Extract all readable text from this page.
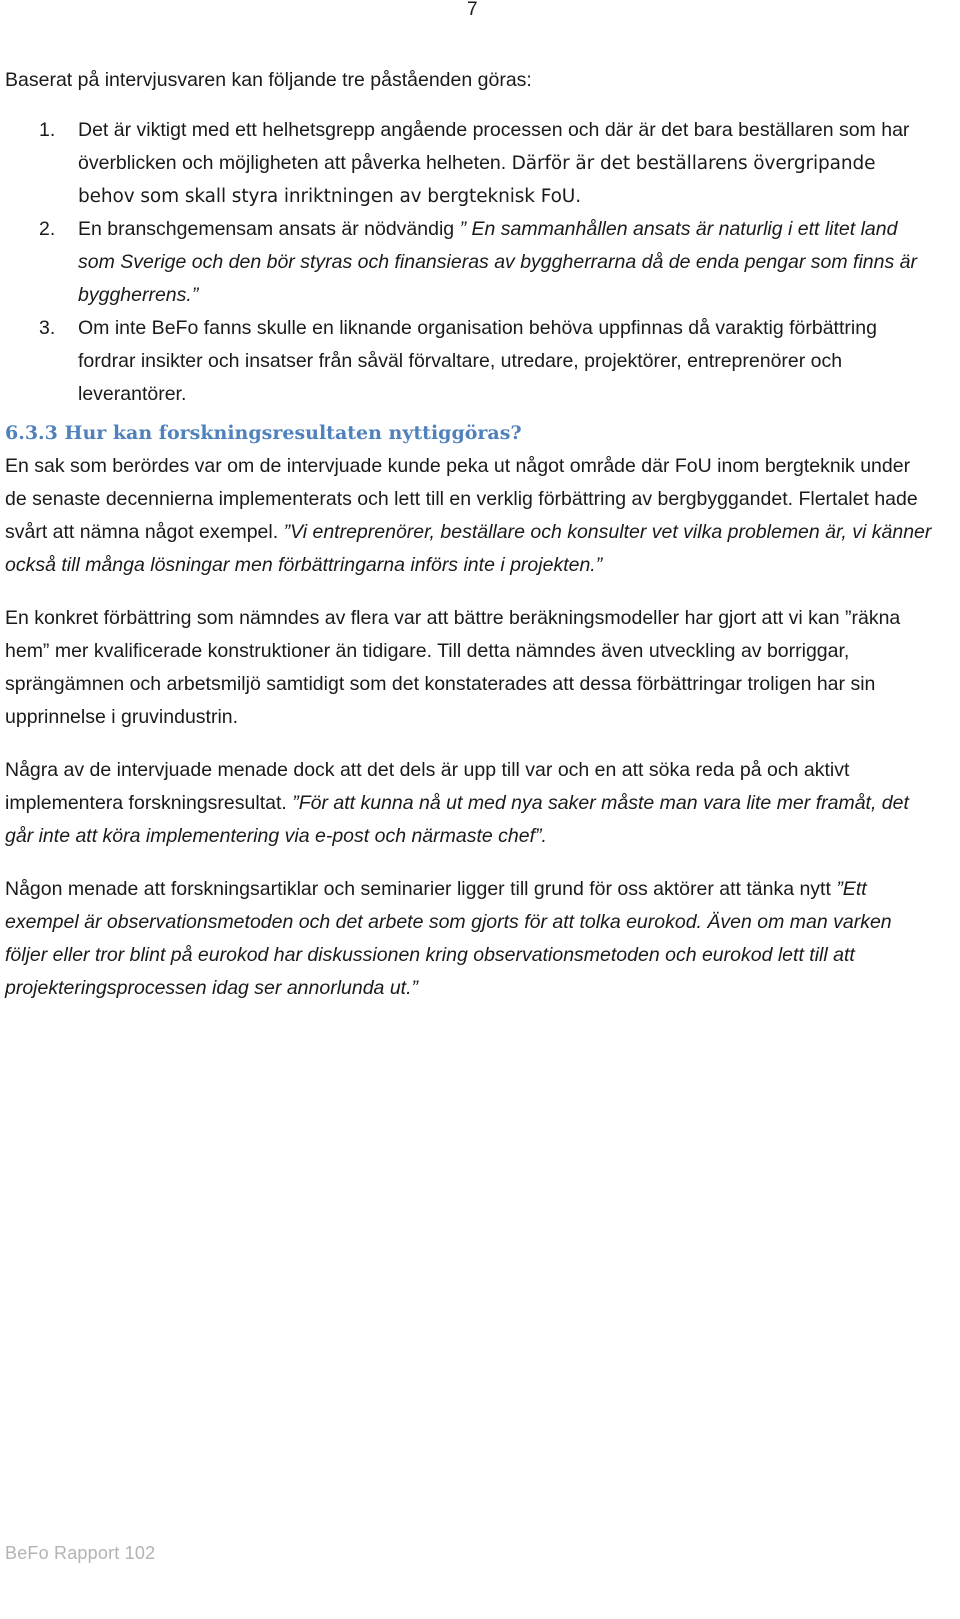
7

Baserat på intervjusvaren kan följande tre påståenden göras:

1. Det är viktigt med ett helhetsgrepp angående processen och där är det bara beställaren som har överblicken och möjligheten att påverka helheten. Därför är det beställarens övergripande behov som skall styra inriktningen av bergteknisk FoU.
2. En branschgemensam ansats är nödvändig ” En sammanhållen ansats är naturlig i ett litet land som Sverige och den bör styras och finansieras av byggherrarna då de enda pengar som finns är byggherrens.”
3. Om inte BeFo fanns skulle en liknande organisation behöva uppfinnas då varaktig förbättring fordrar insikter och insatser från såväl förvaltare, utredare, projektörer, entreprenörer och leverantörer.
6.3.3 Hur kan forskningsresultaten nyttiggöras?

En sak som berördes var om de intervjuade kunde peka ut något område där FoU inom bergteknik under de senaste decennierna implementerats och lett till en verklig förbättring av bergbyggandet. Flertalet hade svårt att nämna något exempel. ”Vi entreprenörer, beställare och konsulter vet vilka problemen är, vi känner också till många lösningar men förbättringarna införs inte i projekten.”

En konkret förbättring som nämndes av flera var att bättre beräkningsmodeller har gjort att vi kan ”räkna hem” mer kvalificerade konstruktioner än tidigare. Till detta nämndes även utveckling av borriggar, sprängämnen och arbetsmiljö samtidigt som det konstaterades att dessa förbättringar troligen har sin upprinnelse i gruvindustrin.

Några av de intervjuade menade dock att det dels är upp till var och en att söka reda på och aktivt implementera forskningsresultat. ”För att kunna nå ut med nya saker måste man vara lite mer framåt, det går inte att köra implementering via e-post och närmaste chef”.

Någon menade att forskningsartiklar och seminarier ligger till grund för oss aktörer att tänka nytt ”Ett exempel är observationsmetoden och det arbete som gjorts för att tolka eurokod. Även om man varken följer eller tror blint på eurokod har diskussionen kring observationsmetoden och eurokod lett till att projekteringsprocessen idag ser annorlunda ut.”

BeFo Rapport 102
